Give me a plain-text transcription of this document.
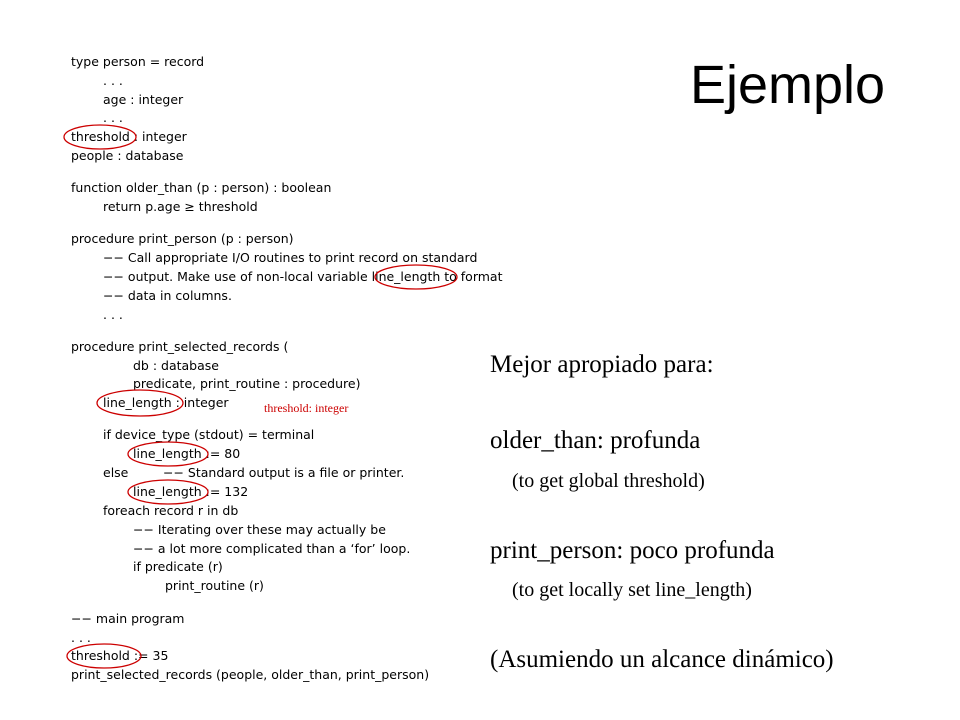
Ejemplo
type person = record
. . .
age : integer
. . .
threshold : integer
people : database
function older_than (p : person) : boolean
return p.age ≥ threshold
procedure print_person (p : person)
−− Call appropriate I/O routines to print record on standard
−− output. Make use of non-local variable line_length to format
−− data in columns.
. . .
procedure print_selected_records (
db : database
predicate, print_routine : procedure)
line_length : integer
if device_type (stdout) = terminal
line_length := 80
else	−− Standard output is a file or printer.
line_length := 132
foreach record r in db
−− Iterating over these may actually be
−− a lot more complicated than a ‘for’ loop.
if predicate (r)
print_routine (r)
−− main program
. . .
threshold := 35
print_selected_records (people, older_than, print_person)
threshold: integer
Mejor apropiado para:
older_than: profunda
(to get global threshold)
print_person: poco profunda
(to get locally set line_length)
(Asumiendo un alcance dinámico)
